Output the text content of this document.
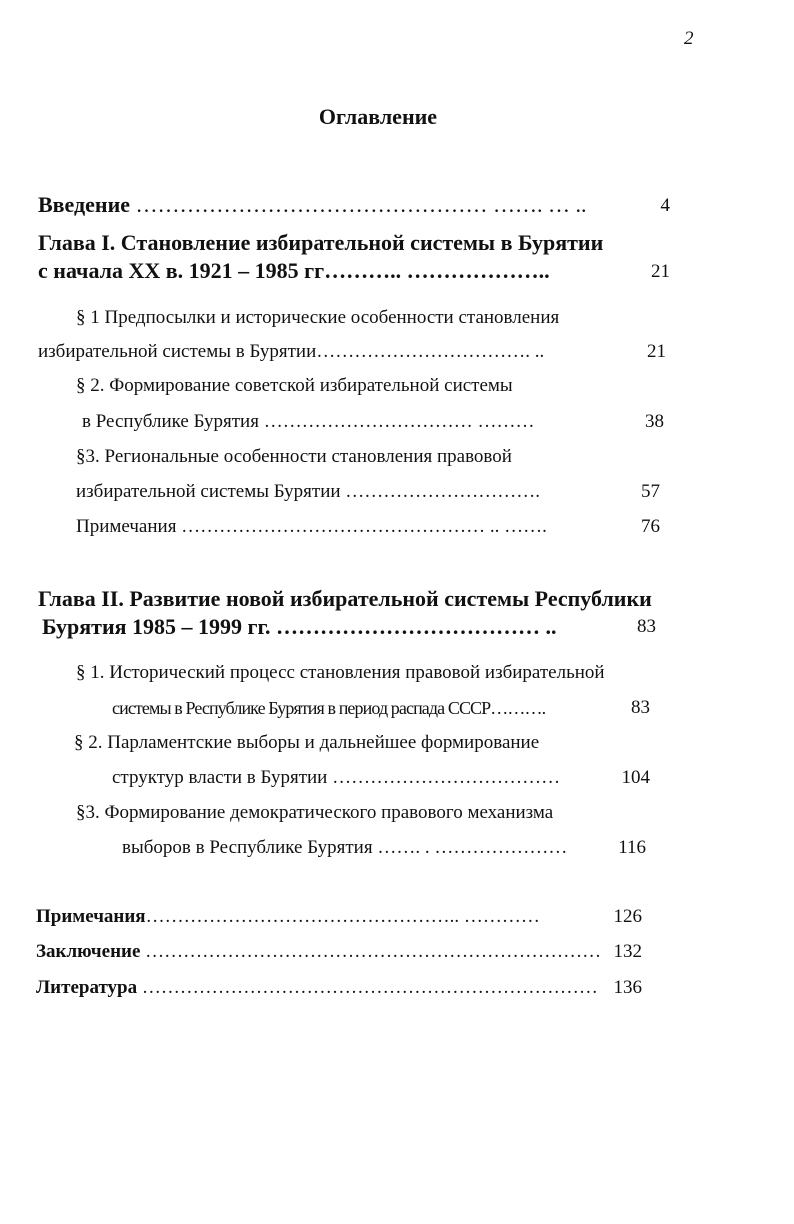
2
Оглавление
Введение ………………………………………… ……. … ..	4
Глава I. Становление избирательной системы в Бурятии
с начала XX в. 1921 – 1985 гг……….. ………………..	21
§ 1 Предпосылки и исторические особенности становления
избирательной системы в Бурятии……………………………. ..	21
§ 2. Формирование советской избирательной системы
в Республике Бурятия …………………………… ………	38
§3. Региональные особенности становления правовой
избирательной системы Бурятии ………………………….	57
Примечания ………………………………………… .. …….	76
Глава II. Развитие новой избирательной системы Республики
Бурятия 1985 – 1999 гг. ……………………………… ..	83
§ 1. Исторический процесс становления правовой избирательной
системы в Республике Бурятия в период распада СССР……….	83
§ 2. Парламентские выборы и дальнейшее формирование
структур власти в Бурятии ………………………………	104
§3. Формирование демократического правового механизма
выборов в Республике Бурятия ……. . …………………	116
Примечания………………………………………….. …………	126
Заключение ……………………………………………………………… 132
Литература ……………………………………………………………… 136
